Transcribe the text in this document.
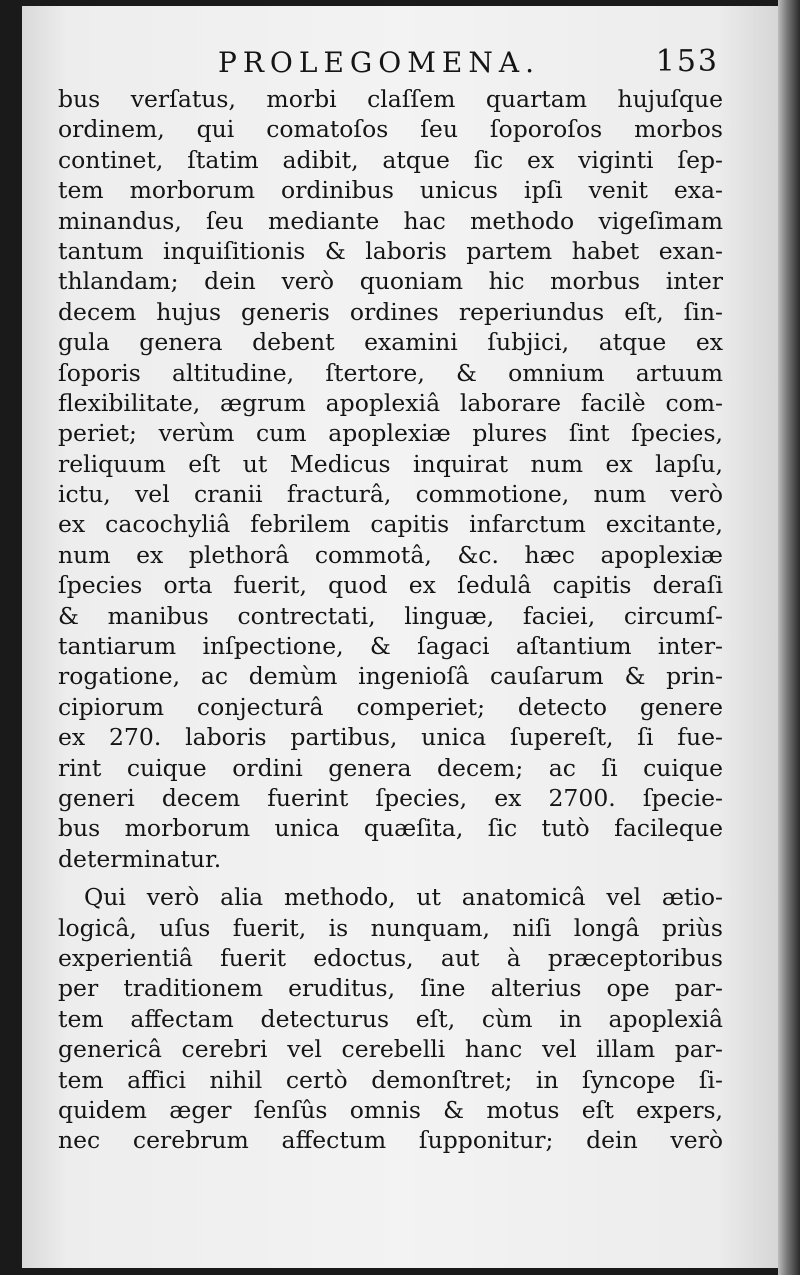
PROLEGOMENA.	153
bus verſatus, morbi claſſem quartam hujuſque
ordinem, qui comatoſos ſeu ſoporoſos morbos
continet, ſtatim adibit, atque ſic ex viginti ſep-
tem morborum ordinibus unicus ipſi venit exa-
minandus, ſeu mediante hac methodo vigeſimam
tantum inquiſitionis & laboris partem habet exan-
thlandam; dein verò quoniam hic morbus inter
decem hujus generis ordines reperiundus eſt, ſin-
gula genera debent examini ſubjici, atque ex
ſoporis altitudine, ſtertore, & omnium artuum
flexibilitate, ægrum apoplexiâ laborare facilè com-
periet; verùm cum apoplexiæ plures ſint ſpecies,
reliquum eſt ut Medicus inquirat num ex lapſu,
ictu, vel cranii fracturâ, commotione, num verò
ex cacochyliâ febrilem capitis infarctum excitante,
num ex plethorâ commotâ, &c. hæc apoplexiæ
ſpecies orta fuerit, quod ex ſedulâ capitis deraſi
& manibus contrectati, linguæ, faciei, circumſ-
tantiarum inſpectione, & ſagaci aſtantium inter-
rogatione, ac demùm ingenioſâ cauſarum & prin-
cipiorum conjecturâ comperiet; detecto genere
ex 270. laboris partibus, unica ſupereſt, ſi fue-
rint cuique ordini genera decem; ac ſi cuique
generi decem fuerint ſpecies, ex 2700. ſpecie-
bus morborum unica quæſita, ſic tutò facileque
determinatur.
Qui verò alia methodo, ut anatomicâ vel ætio-
logicâ, uſus fuerit, is nunquam, niſi longâ priùs
experientiâ fuerit edoctus, aut à præceptoribus
per traditionem eruditus, ſine alterius ope par-
tem affectam detecturus eſt, cùm in apoplexiâ
genericâ cerebri vel cerebelli hanc vel illam par-
tem affici nihil certò demonſtret; in ſyncope ſi-
quidem æger ſenſûs omnis & motus eſt expers,
nec cerebrum affectum ſupponitur; dein verò
